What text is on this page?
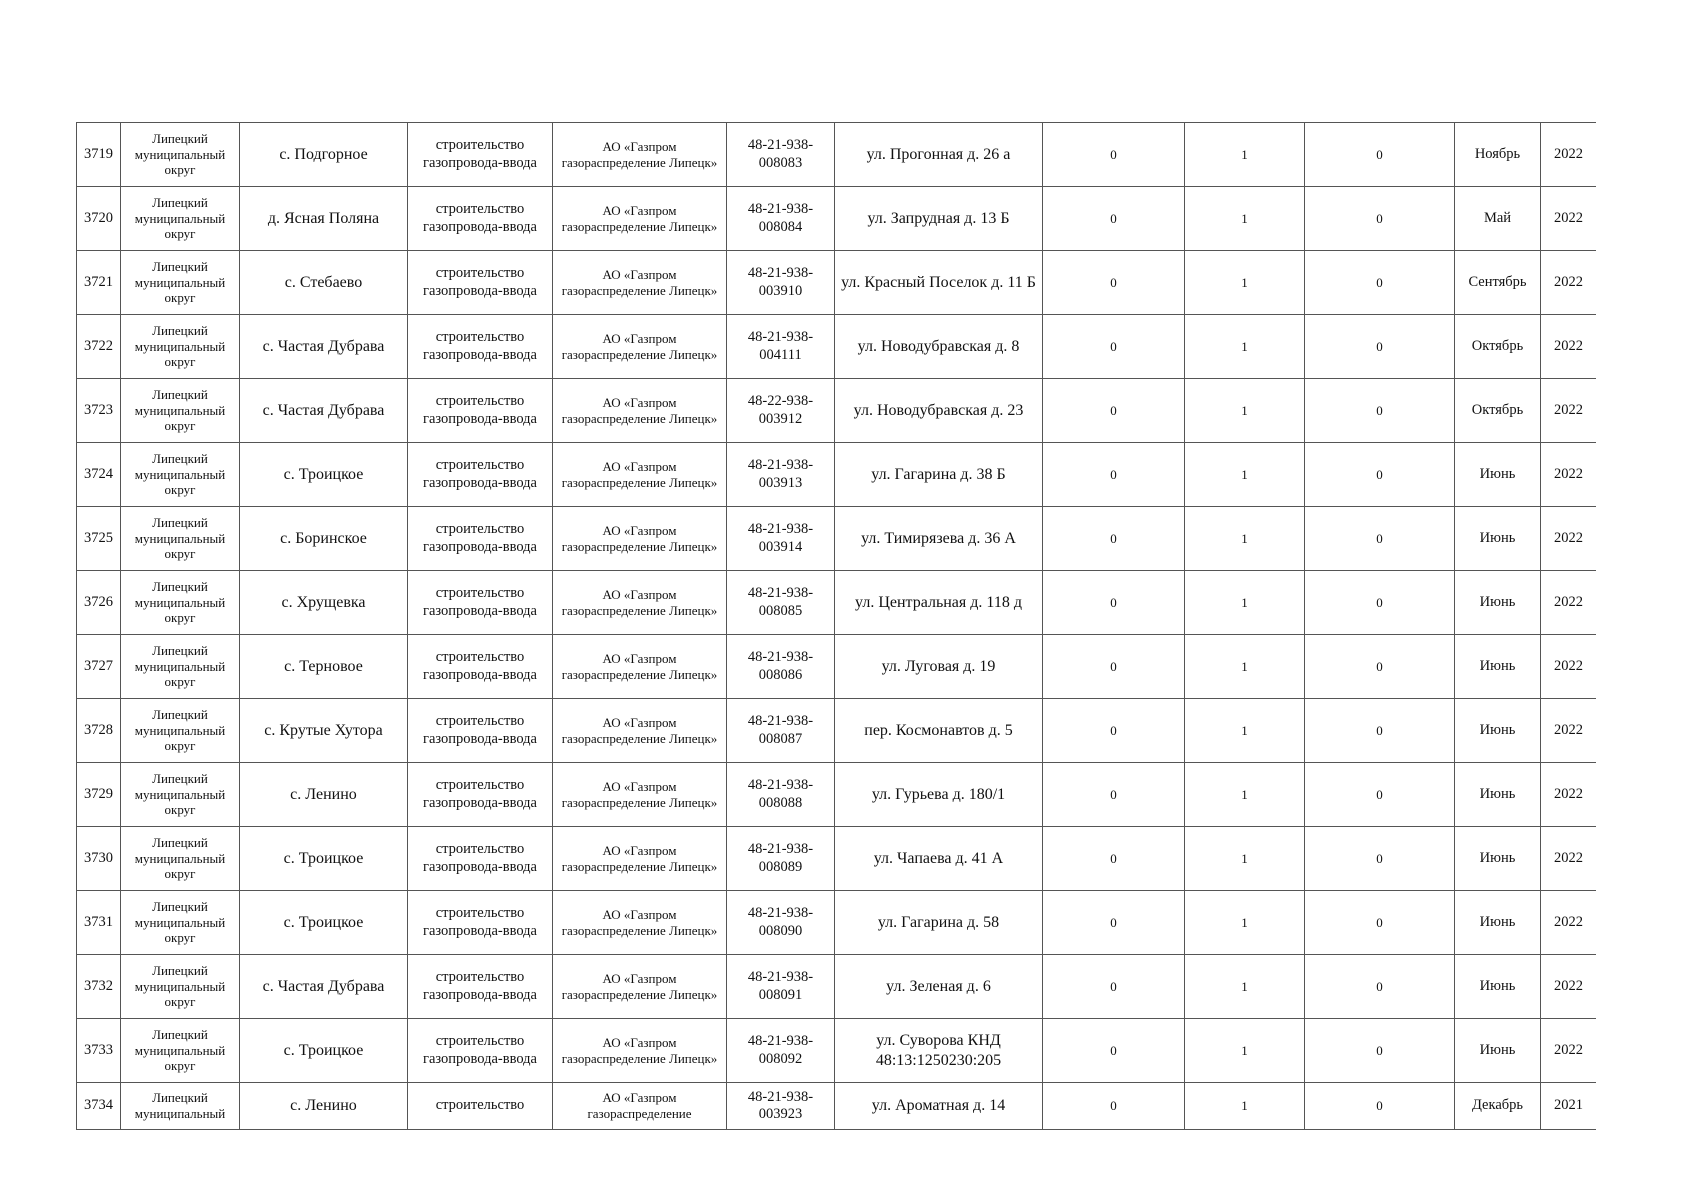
3719	Липецкий муниципальный округ	с. Подгорное	строительство газопровода-ввода	АО «Газпром газораспределение Липецк»	48-21-938-008083	ул. Прогонная д. 26 а	0	1	0	Ноябрь	2022
3720	Липецкий муниципальный округ	д. Ясная Поляна	строительство газопровода-ввода	АО «Газпром газораспределение Липецк»	48-21-938-008084	ул. Запрудная д. 13 Б	0	1	0	Май	2022
3721	Липецкий муниципальный округ	с. Стебаево	строительство газопровода-ввода	АО «Газпром газораспределение Липецк»	48-21-938-003910	ул. Красный Поселок д. 11 Б	0	1	0	Сентябрь	2022
3722	Липецкий муниципальный округ	с. Частая Дубрава	строительство газопровода-ввода	АО «Газпром газораспределение Липецк»	48-21-938-004111	ул. Новодубравская д. 8	0	1	0	Октябрь	2022
3723	Липецкий муниципальный округ	с. Частая Дубрава	строительство газопровода-ввода	АО «Газпром газораспределение Липецк»	48-22-938-003912	ул. Новодубравская д. 23	0	1	0	Октябрь	2022
3724	Липецкий муниципальный округ	с. Троицкое	строительство газопровода-ввода	АО «Газпром газораспределение Липецк»	48-21-938-003913	ул. Гагарина д. 38 Б	0	1	0	Июнь	2022
3725	Липецкий муниципальный округ	с. Боринское	строительство газопровода-ввода	АО «Газпром газораспределение Липецк»	48-21-938-003914	ул. Тимирязева д. 36 А	0	1	0	Июнь	2022
3726	Липецкий муниципальный округ	с. Хрущевка	строительство газопровода-ввода	АО «Газпром газораспределение Липецк»	48-21-938-008085	ул. Центральная д. 118 д	0	1	0	Июнь	2022
3727	Липецкий муниципальный округ	с. Терновое	строительство газопровода-ввода	АО «Газпром газораспределение Липецк»	48-21-938-008086	ул. Луговая д. 19	0	1	0	Июнь	2022
3728	Липецкий муниципальный округ	с. Крутые Хутора	строительство газопровода-ввода	АО «Газпром газораспределение Липецк»	48-21-938-008087	пер. Космонавтов д. 5	0	1	0	Июнь	2022
3729	Липецкий муниципальный округ	с. Ленино	строительство газопровода-ввода	АО «Газпром газораспределение Липецк»	48-21-938-008088	ул. Гурьева д. 180/1	0	1	0	Июнь	2022
3730	Липецкий муниципальный округ	с. Троицкое	строительство газопровода-ввода	АО «Газпром газораспределение Липецк»	48-21-938-008089	ул. Чапаева д. 41 А	0	1	0	Июнь	2022
3731	Липецкий муниципальный округ	с. Троицкое	строительство газопровода-ввода	АО «Газпром газораспределение Липецк»	48-21-938-008090	ул. Гагарина д. 58	0	1	0	Июнь	2022
3732	Липецкий муниципальный округ	с. Частая Дубрава	строительство газопровода-ввода	АО «Газпром газораспределение Липецк»	48-21-938-008091	ул. Зеленая д. 6	0	1	0	Июнь	2022
3733	Липецкий муниципальный округ	с. Троицкое	строительство газопровода-ввода	АО «Газпром газораспределение Липецк»	48-21-938-008092	ул. Суворова КНД 48:13:1250230:205	0	1	0	Июнь	2022
3734	Липецкий муниципальный	с. Ленино	строительство	АО «Газпром газораспределение	48-21-938-003923	ул. Ароматная д. 14	0	1	0	Декабрь	2021
